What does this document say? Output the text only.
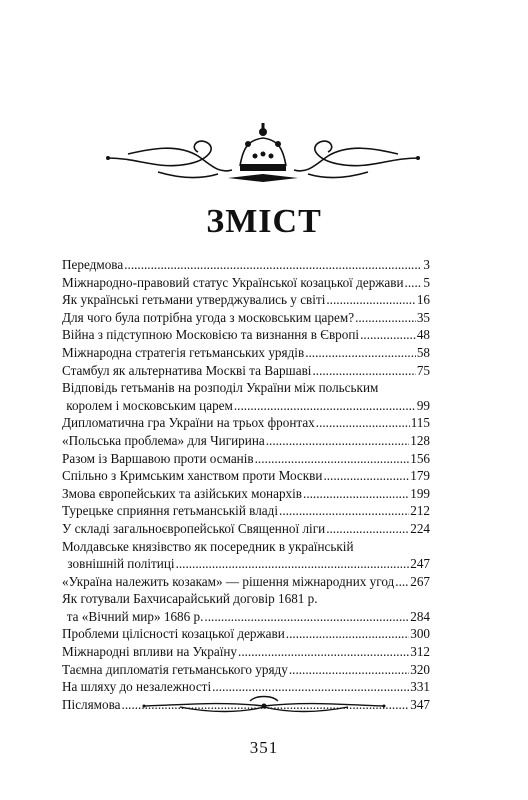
ЗМІСТ
Передмова .....	3
Міжнародно-правовий статус Української козацької держави ..... 5
Як українські гетьмани утверджувались у світі .....	16
Для чого була потрібна угода з московським царем? .....	35
Війна з підступною Московією та визнання в Європі .....	48
Міжнародна стратегія гетьманських урядів .....	58
Стамбул як альтернатива Москві та Варшаві .....	75
Відповідь гетьманів на розподіл України між польським
королем і московським царем .....	99
Дипломатична гра України на трьох фронтах .....	115
«Польська проблема» для Чигирина .....	128
Разом із Варшавою проти османів .....	156
Спільно з Кримським ханством проти Москви .....	179
Змова європейських та азійських монархів .....	199
Турецьке сприяння гетьманській владі .....	212
У складі загальноєвропейської Священної ліги .....	224
Молдавське князівство як посередник в українській
зовнішній політиці .....	247
«Україна належить козакам» — рішення міжнародних угод ..... 267
Як готували Бахчисарайський договір 1681 р.
та «Вічний мир» 1686 р. .....	284
Проблеми цілісності козацької держави .....	300
Міжнародні впливи на Україну .....	312
Таємна дипломатія гетьманського уряду .....	320
На шляху до незалежності .....	331
Післямова .....	347
351
